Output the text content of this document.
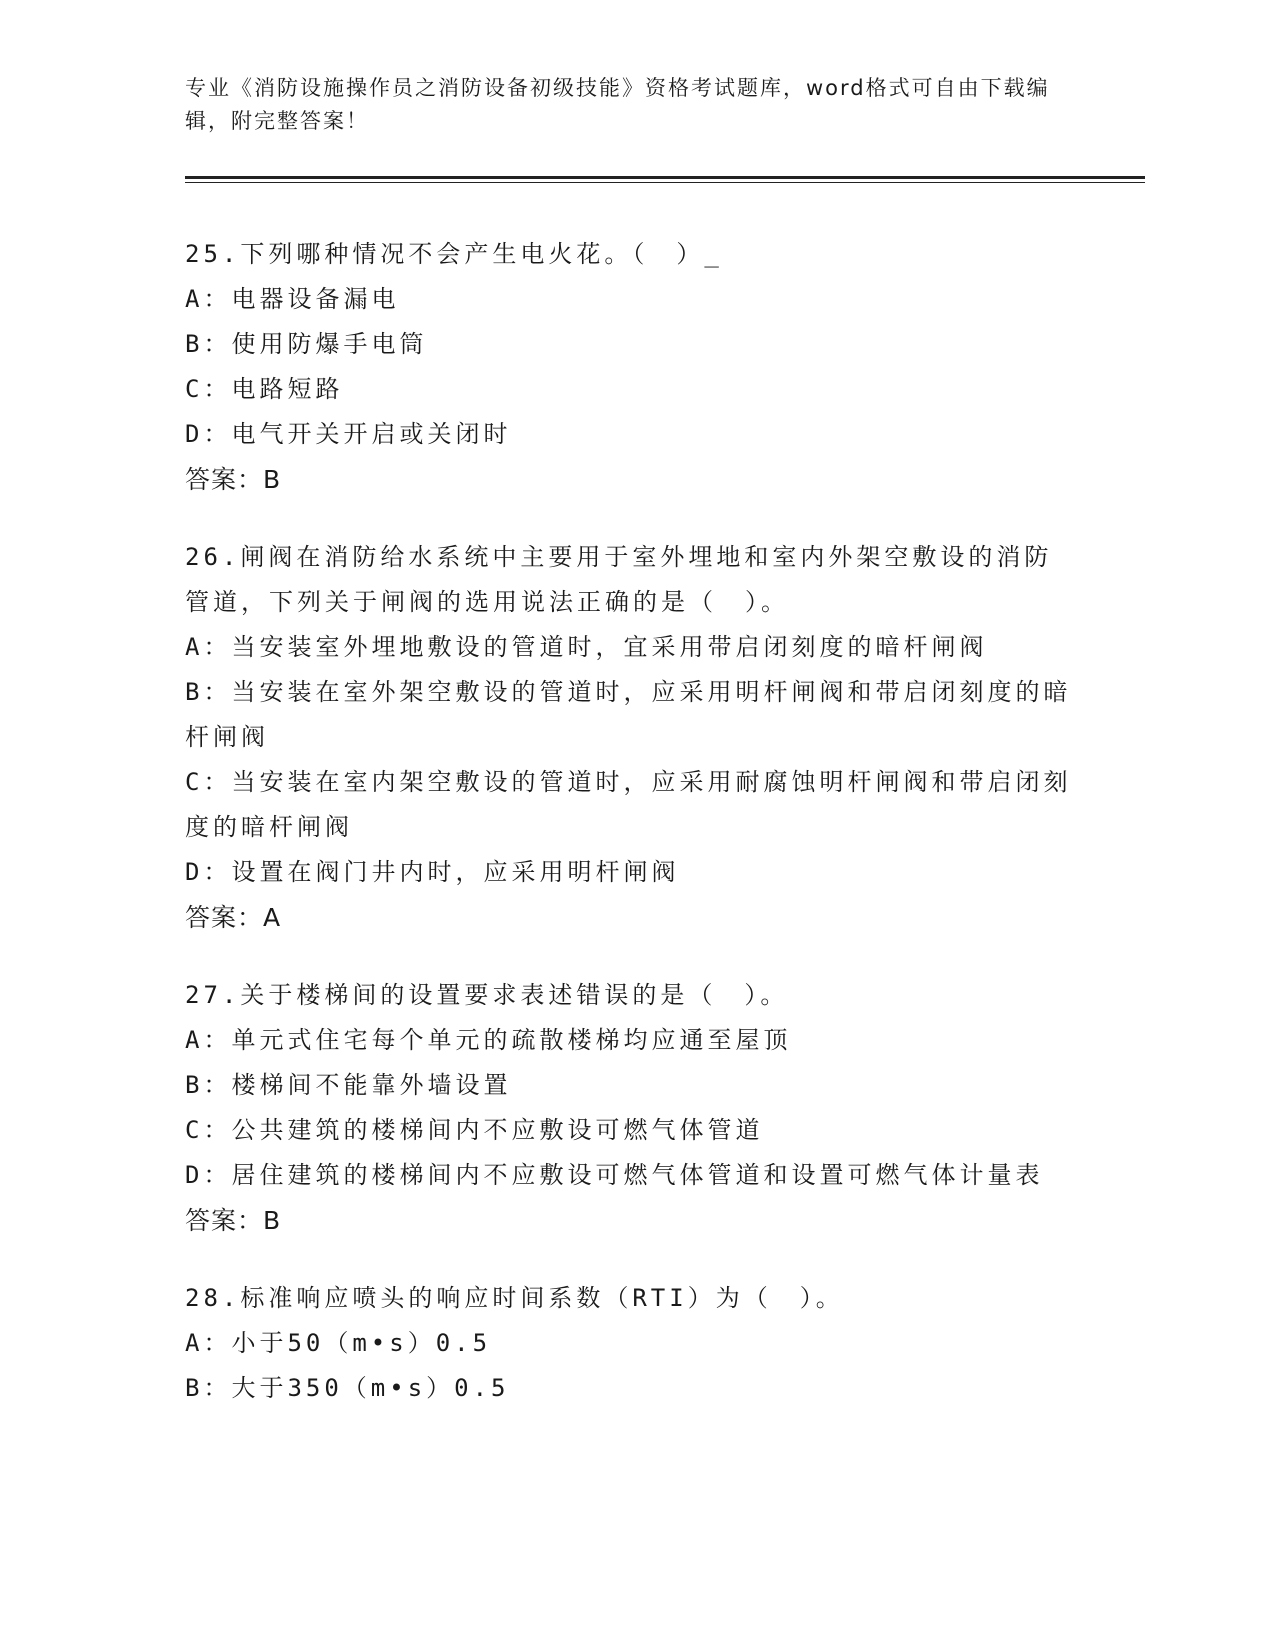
专业《消防设施操作员之消防设备初级技能》资格考试题库，word格式可自由下载编辑，附完整答案！

25.下列哪种情况不会产生电火花。（　）_

A：电器设备漏电

B：使用防爆手电筒

C：电路短路

D：电气开关开启或关闭时

答案：B

26.闸阀在消防给水系统中主要用于室外埋地和室内外架空敷设的消防管道，下列关于闸阀的选用说法正确的是（　）。

A：当安装室外埋地敷设的管道时，宜采用带启闭刻度的暗杆闸阀

B：当安装在室外架空敷设的管道时，应采用明杆闸阀和带启闭刻度的暗杆闸阀

C：当安装在室内架空敷设的管道时，应采用耐腐蚀明杆闸阀和带启闭刻度的暗杆闸阀

D：设置在阀门井内时，应采用明杆闸阀

答案：A

27.关于楼梯间的设置要求表述错误的是（　）。

A：单元式住宅每个单元的疏散楼梯均应通至屋顶

B：楼梯间不能靠外墙设置

C：公共建筑的楼梯间内不应敷设可燃气体管道

D：居住建筑的楼梯间内不应敷设可燃气体管道和设置可燃气体计量表

答案：B

28.标准响应喷头的响应时间系数（RTI）为（　）。

A：小于50（m•s）0.5

B：大于350（m•s）0.5
